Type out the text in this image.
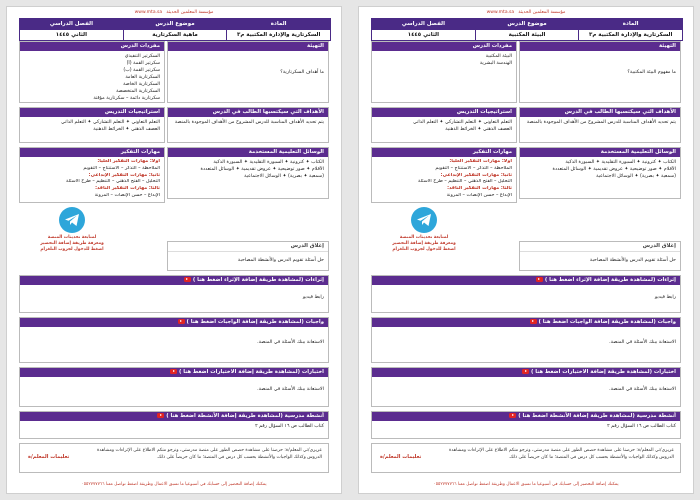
مؤسسة المعلمين الحديثة   www.mta.sa
المادة	موضوع الدرس	الفصل الدراسي
السكرتارية والإدارة المكتبية م٣	البيئة المكتبية	الثاني ١٤٤٥
التهيئة
ما مفهوم البيئة المكتبية؟
مفردات الدرس
البيئة المكتبية
الهندسة البشرية
الأهداف التي سيكتسبها الطالب في الدرس
يتم تحديد الأهداف المناسبة للدرس المشروح من الأهداف الموجودة بالمنصة
استراتيجيات التدريس
التعلم التعاوني ✦ التعلم التشاركي ✦ التعلم الذاتي
العصف الذهني ✦ الخرائط الذهنية
الوسائل التعليمية المستخدمة
الكتاب ✦ كترونية ✦ السبورة التقليدية ✦ السبورة الذكية
الأقلام ✦ صور توضيحية ✦ عروض تقديمية ✦ الوسائل المتعددة
(سمعية ✦ بصرية) ✦ الوسائل الاجتماعية
مهارات التفكير
أولاً: مهارات التفكير العليا:
الملاحظة – التذكر – الاستنتاج – التقويم
ثانياً: مهارات التفكير الإبداعي:
التحليل – الفتح الذهني – التنظيم – طرح الأسئلة
ثالثاً: مهارات التفكير الناقد:
الإبداع – حسن الإنصات – المرونة
إغلاق الدرس
حل أسئلة تقويم الدرس والأنشطة المصاحبة
لمتابعة تحديثات المنصة
ومعرفة طريقة إضافة التحضير
اضغط للدخول لجروب التلغرام
إثراءات (لمشاهدة طريقة إضافة الإثراء اضغط هنا )
رابط فيديو
واجبات (لمشاهدة طريقة إضافة الواجبات اضغط هنا )
الاستعانة ببنك الأسئلة في المنصة.
اختبارات (لمشاهدة طريقة إضافة الاختبارات اضغط هنا )
الاستعانة ببنك الأسئلة في المنصة.
أنشطة مدرسية (لمشاهدة طريقة إضافة الأنشطة اضغط هنا )
كتاب الطالب ص ١٦ السؤال رقم ٢
تعليمات المعلم/ة
عزيزي/تي المعلم/ة: حرصنا على مشاهدة حصص الطور على منصة مدرستي، ونرجو منكم الاطلاع على الإثراءات ومشاهدة الدروس وكذلك الواجبات والأنشطة بحسب كل درس في المنصة؛ ما كان حريصاً على ذلك.
يمكنك إضافة التحضير إلى حسابك في أسبوعيا ما تسبق الاعمال وطريقة اضغط تواصل معنا ٠٥٥٢٧٧٧٧٦٦
مؤسسة المعلمين الحديثة   www.mta.sa
المادة	موضوع الدرس	الفصل الدراسي
السكرتارية والإدارة المكتبية م٣	ماهية السكرتارية	الثاني ١٤٤٥
التهيئة
ما أهداف السكرتارية؟
مفردات الدرس
السكرتير التنفيذي
سكرتير القمة (أ)
سكرتير القمة (ب)
السكرتارية العامة
السكرتارية الخاصة
السكرتارية المتخصصة
سكرتارية دائمة – سكرتارية مؤقتة
الأهداف التي سيكتسبها الطالب في الدرس
يتم تحديد الأهداف المناسبة للدرس المشروح من الأهداف الموجودة بالمنصة
استراتيجيات التدريس
التعلم التعاوني ✦ التعلم التشاركي ✦ التعلم الذاتي
العصف الذهني ✦ الخرائط الذهنية
الوسائل التعليمية المستخدمة
الكتاب ✦ كترونية ✦ السبورة التقليدية ✦ السبورة الذكية
الأقلام ✦ صور توضيحية ✦ عروض تقديمية ✦ الوسائل المتعددة
(سمعية ✦ بصرية) ✦ الوسائل الاجتماعية
مهارات التفكير
أولاً: مهارات التفكير العليا:
الملاحظة – التذكر – الاستنتاج – التقويم
ثانياً: مهارات التفكير الإبداعي:
التحليل – الفتح الذهني – التنظيم – طرح الأسئلة
ثالثاً: مهارات التفكير الناقد:
الإبداع – حسن الإنصات – المرونة
إغلاق الدرس
حل أسئلة تقويم الدرس والأنشطة المصاحبة
لمتابعة تحديثات المنصة
ومعرفة طريقة إضافة التحضير
اضغط للدخول لجروب التلغرام
إثراءات (لمشاهدة طريقة إضافة الإثراء اضغط هنا )
رابط فيديو
واجبات (لمشاهدة طريقة إضافة الواجبات اضغط هنا )
الاستعانة ببنك الأسئلة في المنصة.
اختبارات (لمشاهدة طريقة إضافة الاختبارات اضغط هنا )
الاستعانة ببنك الأسئلة في المنصة.
أنشطة مدرسية (لمشاهدة طريقة إضافة الأنشطة اضغط هنا )
كتاب الطالب ص ١٦ السؤال رقم ٢
تعليمات المعلم/ة
عزيزي/تي المعلم/ة: حرصنا على مشاهدة حصص الطور على منصة مدرستي، ونرجو منكم الاطلاع على الإثراءات ومشاهدة الدروس وكذلك الواجبات والأنشطة بحسب كل درس في المنصة؛ ما كان حريصاً على ذلك.
يمكنك إضافة التحضير إلى حسابك في أسبوعيا ما تسبق الاعمال وطريقة اضغط تواصل معنا ٠٥٥٢٧٧٧٧٦٦
